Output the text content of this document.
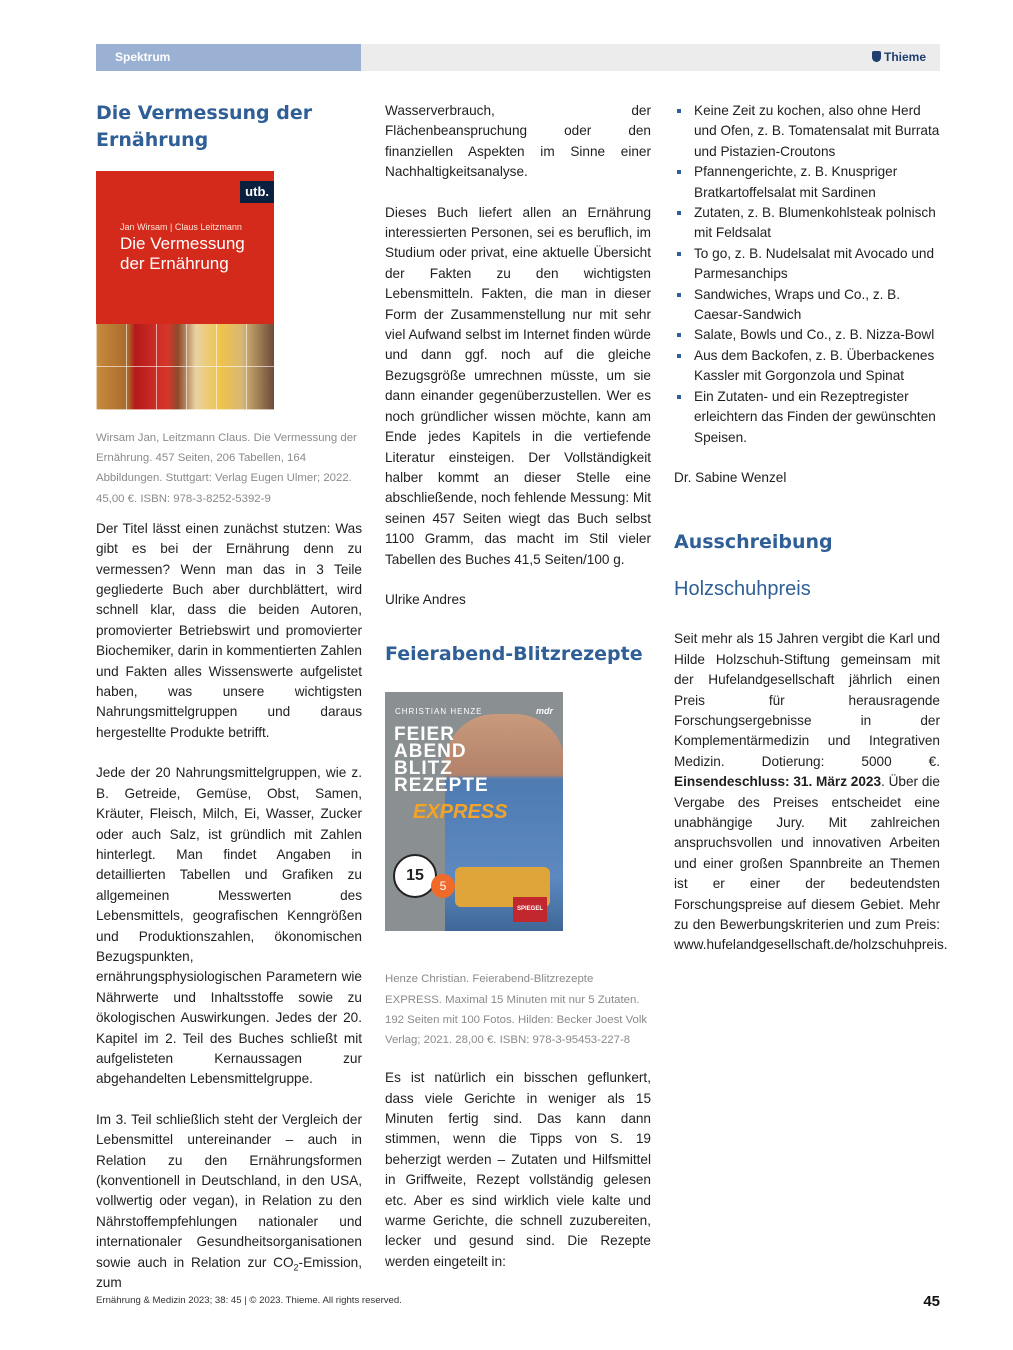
Spektrum	Thieme
Die Vermessung der Ernährung
utb.
Jan Wirsam | Claus Leitzmann
Die Vermessung der Ernährung

Wirsam Jan, Leitzmann Claus. Die Vermessung der Ernährung. 457 Seiten, 206 Tabellen, 164 Abbildungen. Stuttgart: Verlag Eugen Ulmer; 2022. 45,00 €. ISBN: 978-3-8252-5392-9

Der Titel lässt einen zunächst stutzen: Was gibt es bei der Ernährung denn zu vermessen? Wenn man das in 3 Teile gegliederte Buch aber durchblättert, wird schnell klar, dass die beiden Autoren, promovierter Betriebswirt und promovierter Biochemiker, darin in kommentierten Zahlen und Fakten alles Wissenswerte aufgelistet haben, was unsere wichtigsten Nahrungsmittelgruppen und daraus hergestellte Produkte betrifft.

Jede der 20 Nahrungsmittelgruppen, wie z. B. Getreide, Gemüse, Obst, Samen, Kräuter, Fleisch, Milch, Ei, Wasser, Zucker oder auch Salz, ist gründlich mit Zahlen hinterlegt. Man findet Angaben in detaillierten Tabellen und Grafiken zu allgemeinen Messwerten des Lebensmittels, geografischen Kenngrößen und Produktionszahlen, ökonomischen Bezugspunkten, ernährungsphysiologischen Parametern wie Nährwerte und Inhaltsstoffe sowie zu ökologischen Auswirkungen. Jedes der 20. Kapitel im 2. Teil des Buches schließt mit aufgelisteten Kernaussagen zur abgehandelten Lebensmittelgruppe.

Im 3. Teil schließlich steht der Vergleich der Lebensmittel untereinander – auch in Relation zu den Ernährungsformen (konventionell in Deutschland, in den USA, vollwertig oder vegan), in Relation zu den Nährstoffempfehlungen nationaler und internationaler Gesundheitsorganisationen sowie auch in Relation zur $CO_2$-Emission, zum

Wasserverbrauch, der Flächenbeanspruchung oder den finanziellen Aspekten im Sinne einer Nachhaltigkeitsanalyse.

Dieses Buch liefert allen an Ernährung interessierten Personen, sei es beruflich, im Studium oder privat, eine aktuelle Übersicht der Fakten zu den wichtigsten Lebensmitteln. Fakten, die man in dieser Form der Zusammenstellung nur mit sehr viel Aufwand selbst im Internet finden würde und dann ggf. noch auf die gleiche Bezugsgröße umrechnen müsste, um sie dann einander gegenüberzustellen. Wer es noch gründlicher wissen möchte, kann am Ende jedes Kapitels in die vertiefende Literatur einsteigen. Der Vollständigkeit halber kommt an dieser Stelle eine abschließende, noch fehlende Messung: Mit seinen 457 Seiten wiegt das Buch selbst 1100 Gramm, das macht im Stil vieler Tabellen des Buches 41,5 Seiten/100 g.

Ulrike Andres

Feierabend-Blitzrezepte
CHRISTIAN HENZE	mdr
FEIER ABEND BLITZ REZEPTE
EXPRESS
15
5
SPIEGEL

Henze Christian. Feierabend-Blitzrezepte EXPRESS. Maximal 15 Minuten mit nur 5 Zutaten. 192 Seiten mit 100 Fotos. Hilden: Becker Joest Volk Verlag; 2021. 28,00 €. ISBN: 978-3-95453-227-8

Es ist natürlich ein bisschen geflunkert, dass viele Gerichte in weniger als 15 Minuten fertig sind. Das kann dann stimmen, wenn die Tipps von S. 19 beherzigt werden – Zutaten und Hilfsmittel in Griffweite, Rezept vollständig gelesen etc. Aber es sind wirklich viele kalte und warme Gerichte, die schnell zuzubereiten, lecker und gesund sind. Die Rezepte werden eingeteilt in:

Keine Zeit zu kochen, also ohne Herd und Ofen, z. B. Tomatensalat mit Burrata und Pistazien-Croutons
Pfannengerichte, z. B. Knuspriger Bratkartoffelsalat mit Sardinen
Zutaten, z. B. Blumenkohlsteak polnisch mit Feldsalat
To go, z. B. Nudelsalat mit Avocado und Parmesanchips
Sandwiches, Wraps und Co., z. B. Caesar-Sandwich
Salate, Bowls und Co., z. B. Nizza-Bowl
Aus dem Backofen, z. B. Überbackenes Kassler mit Gorgonzola und Spinat
Ein Zutaten- und ein Rezeptregister erleichtern das Finden der gewünschten Speisen.

Dr. Sabine Wenzel

Ausschreibung
Holzschuhpreis

Seit mehr als 15 Jahren vergibt die Karl und Hilde Holzschuh-Stiftung gemeinsam mit der Hufelandgesellschaft jährlich einen Preis für herausragende Forschungsergebnisse in der Komplementärmedizin und Integrativen Medizin. Dotierung: 5000 €. Einsendeschluss: 31. März 2023. Über die Vergabe des Preises entscheidet eine unabhängige Jury. Mit zahlreichen anspruchsvollen und innovativen Arbeiten und einer großen Spannbreite an Themen ist er einer der bedeutendsten Forschungspreise auf diesem Gebiet. Mehr zu den Bewerbungskriterien und zum Preis: www.hufelandgesellschaft.de/holzschuhpreis.

Ernährung & Medizin 2023; 38: 45 | © 2023. Thieme. All rights reserved.	45
